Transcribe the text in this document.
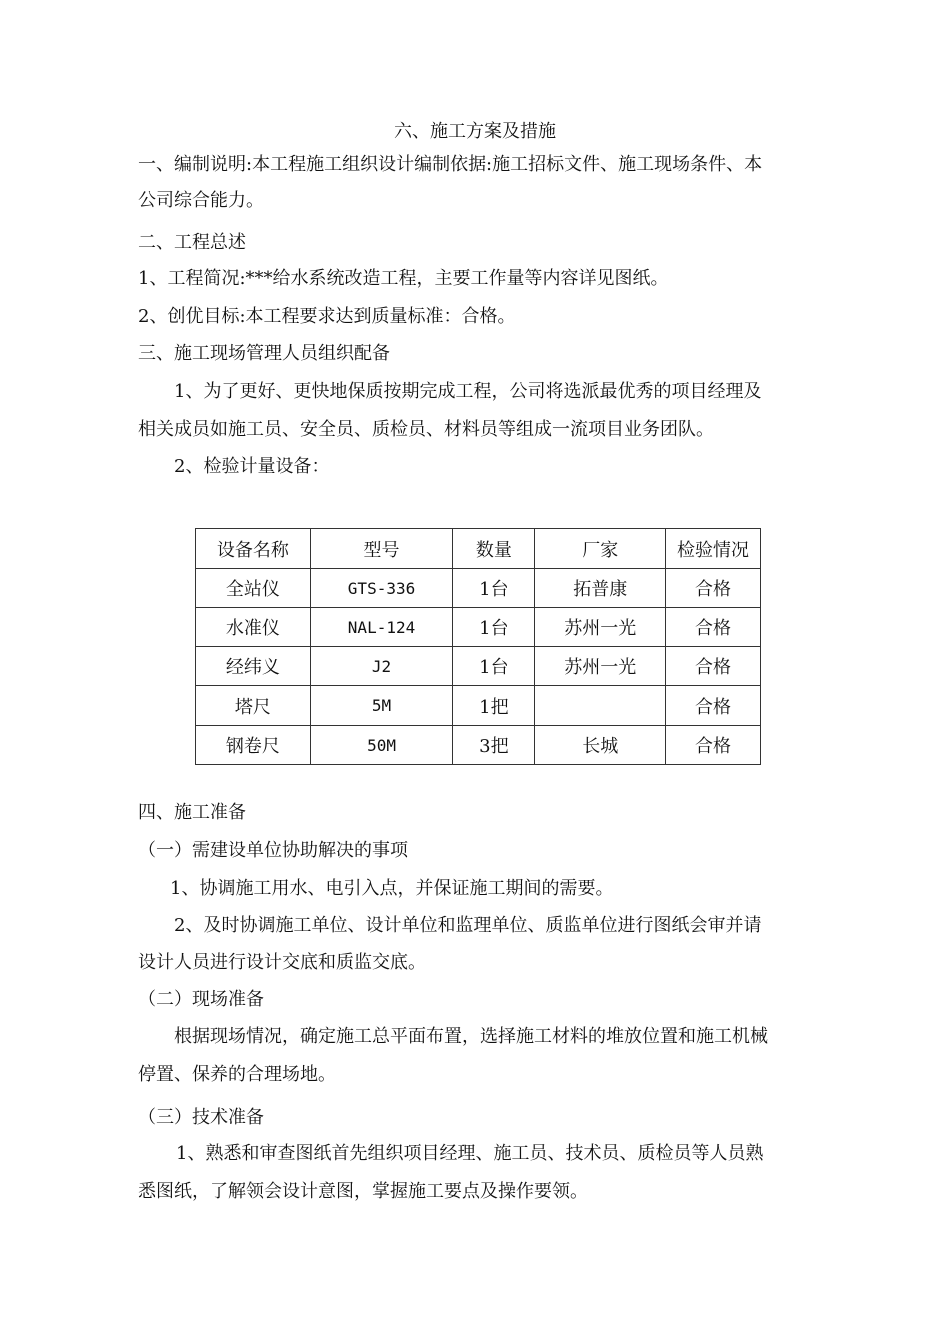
六、施工方案及措施
一、编制说明:本工程施工组织设计编制依据:施工招标文件、施工现场条件、本
公司综合能力。
二、工程总述
1、工程简况:***给水系统改造工程，主要工作量等内容详见图纸。
2、创优目标:本工程要求达到质量标准：合格。
三、施工现场管理人员组织配备
1、为了更好、更快地保质按期完成工程，公司将选派最优秀的项目经理及
相关成员如施工员、安全员、质检员、材料员等组成一流项目业务团队。
2、检验计量设备：
设备名称	型号	数量	厂家	检验情况
全站仪	GTS-336	1台	拓普康	合格
水准仪	NAL-124	1台	苏州一光	合格
经纬义	J2	1台	苏州一光	合格
塔尺	5M	1把		合格
钢卷尺	50M	3把	长城	合格
四、施工准备
（一）需建设单位协助解决的事项
1、协调施工用水、电引入点，并保证施工期间的需要。
2、及时协调施工单位、设计单位和监理单位、质监单位进行图纸会审并请
设计人员进行设计交底和质监交底。
（二）现场准备
根据现场情况，确定施工总平面布置，选择施工材料的堆放位置和施工机械
停置、保养的合理场地。
（三）技术准备
1、熟悉和审查图纸首先组织项目经理、施工员、技术员、质检员等人员熟
悉图纸，了解领会设计意图，掌握施工要点及操作要领。
